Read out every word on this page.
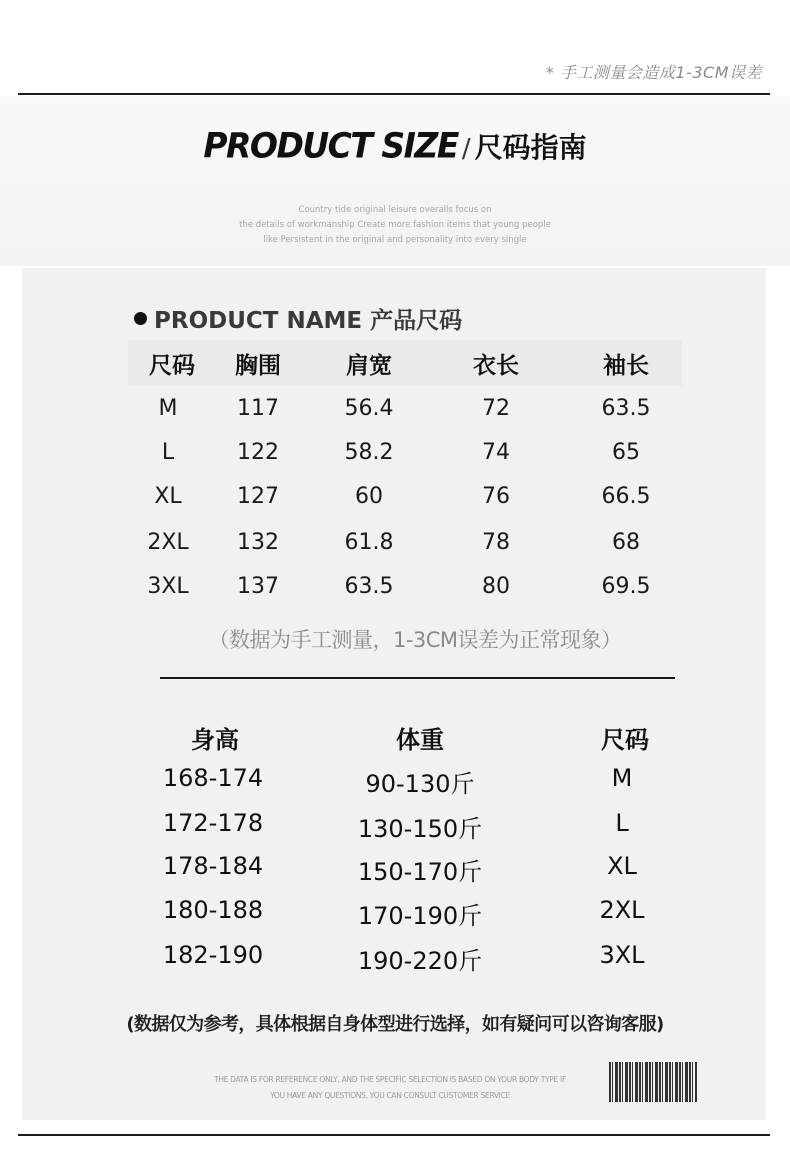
* 手工测量会造成1-3CM误差
PRODUCT SIZE / 尺码指南
Country tide original leisure overalls focus on
the details of workmanship Create more fashion items that young people
like Persistent in the original and personality into every single
PRODUCT NAME 产品尺码
尺码	胸围	肩宽	衣长	袖长
M	117	56.4	72	63.5
L	122	58.2	74	65
XL	127	60	76	66.5
2XL	132	61.8	78	68
3XL	137	63.5	80	69.5
（数据为手工测量，1-3CM误差为正常现象）
身高	体重	尺码
168-174	90-130斤	M
172-178	130-150斤	L
178-184	150-170斤	XL
180-188	170-190斤	2XL
182-190	190-220斤	3XL
(数据仅为参考，具体根据自身体型进行选择，如有疑问可以咨询客服)
THE DATA IS FOR REFERENCE ONLY, AND THE SPECIFIC SELECTION IS BASED ON YOUR BODY TYPE IF
YOU HAVE ANY QUESTIONS, YOU CAN CONSULT CUSTOMER SERVICE
